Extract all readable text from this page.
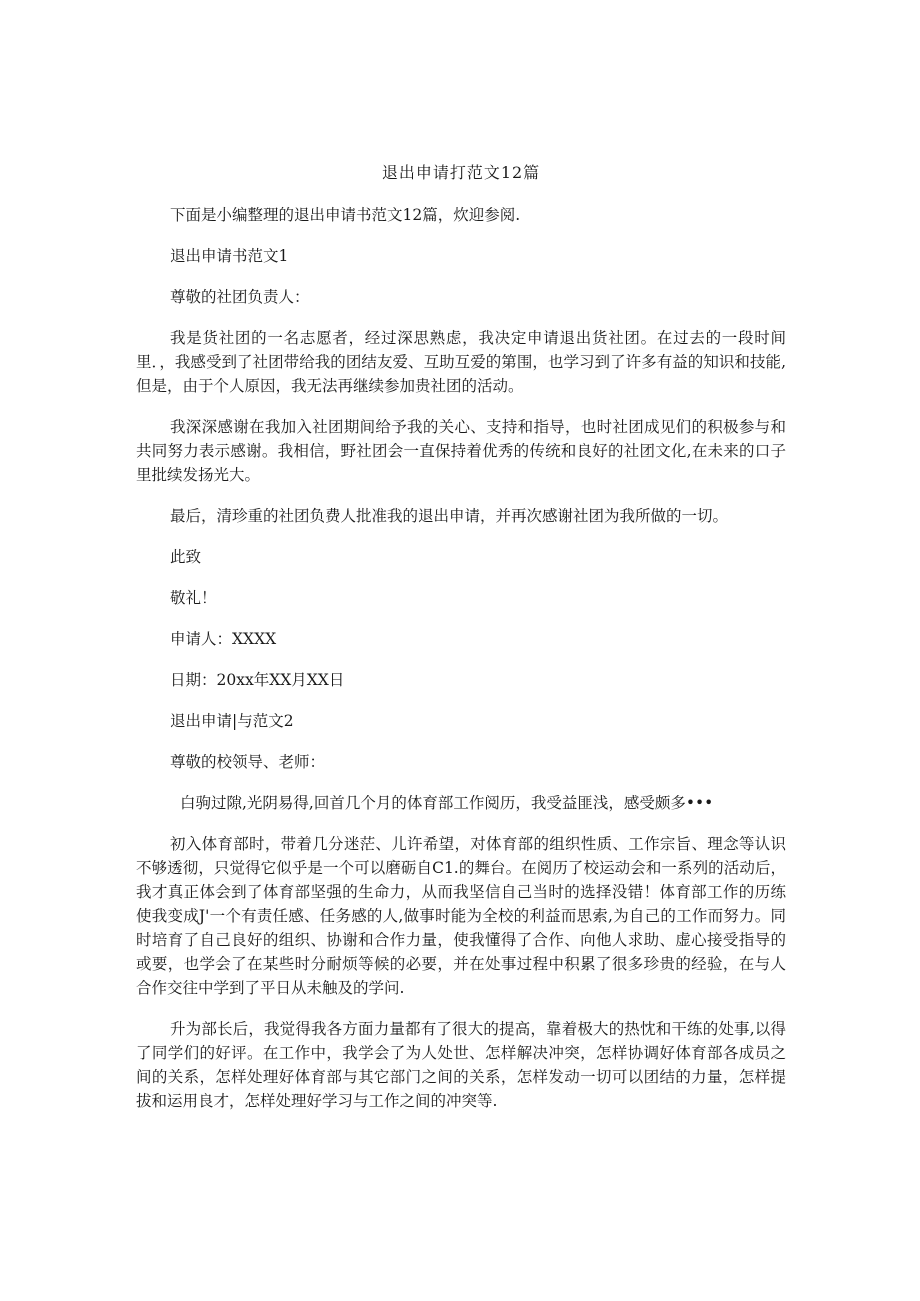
退出申请打范文12篇
下面是小编整理的退出申请书范文12篇，炊迎参阅.
退出申请书范文1
尊敬的社团负责人：
我是货社团的一名志愿者，经过深思熟虑，我决定申请退出货社团。在过去的一段时间里．，我感受到了社团带给我的团结友爱、互助互爱的第围，也学习到了许多有益的知识和技能,但是，由于个人原因，我无法再继续参加贵社团的活动。
我深深感谢在我加入社团期间给予我的关心、支持和指导，也时社团成见们的积极参与和共同努力表示感谢。我相信，野社团会一直保持着优秀的传统和良好的社团文化,在未来的口子里批续发扬光大。
最后，清珍重的社团负费人批准我的退出申请，并再次感谢社团为我所做的一切。
此致
敬礼！
申请人：XXXX
日期：20xx年XX月XX日
退出申请|与范文2
尊敬的校领导、老师：
白驹过隙,光阴易得,回首几个月的体育部工作阅历，我受益匪浅，感受颇多•••
初入体育部时，带着几分迷茫、儿许希望，对体育部的组织性质、工作宗旨、理念等认识不够透彻，只觉得它似乎是一个可以磨砺自C1.的舞台。在阅历了校运动会和一系列的活动后，我才真正体会到了体育部坚强的生命力，从而我坚信自己当时的选择没错！体育部工作的历练使我变成J'一个有责任感、任务感的人,做事时能为全校的利益而思索,为自己的工作而努力。同时培育了自己良好的组织、协谢和合作力量，使我懂得了合作、向他人求助、虚心接受指导的或要，也学会了在某些时分耐烦等候的必要，并在处事过程中积累了很多珍贵的经验，在与人合作交往中学到了平日从未触及的学问.
升为部长后，我觉得我各方面力量都有了很大的提高，靠着极大的热忱和干练的处事,以得了同学们的好评。在工作中，我学会了为人处世、怎样解决冲突，怎样协调好体育部各成员之间的关系，怎样处理好体育部与其它部门之间的关系，怎样发动一切可以团结的力量，怎样提拔和运用良才，怎样处理好学习与工作之间的冲突等.
